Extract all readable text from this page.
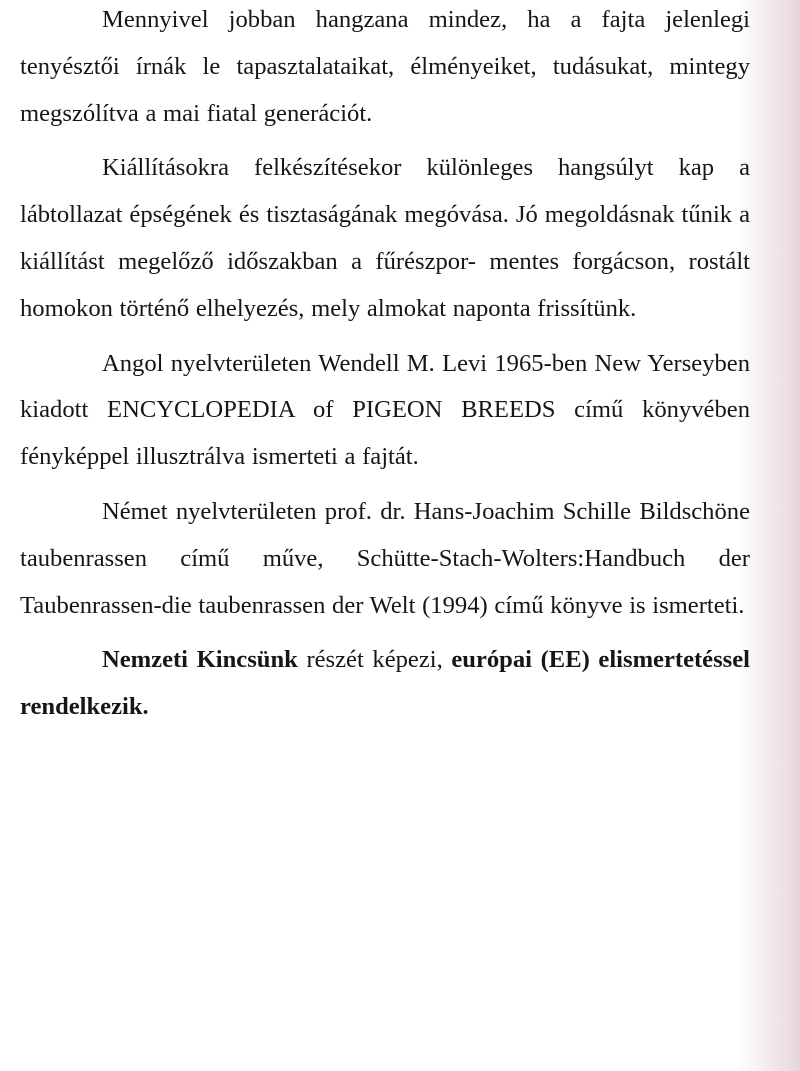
Mennyivel jobban hangzana mindez, ha a fajta jelenlegi tenyésztői írnák le tapasztalataikat, élményeiket, tudásukat, mintegy megszólítva a mai fiatal generációt.

Kiállításokra felkészítésekor különleges hangsúlyt kap a lábtollazat épségének és tisztaságának megóvása. Jó megoldásnak tűnik a kiállítást megelőző időszakban a fűrészpor- mentes forgácson, rostált homokon történő elhelyezés, mely almokat naponta frissítünk.

Angol nyelvterületen Wendell M. Levi 1965-ben New Yerseyben kiadott ENCYCLOPEDIA of PIGEON BREEDS című könyvében fényképpel illusztrálva ismerteti a fajtát.

Német nyelvterületen prof. dr. Hans-Joachim Schille Bildschöne taubenrassen című műve, Schütte-Stach-Wolters:Handbuch der Taubenrassen-die taubenrassen der Welt (1994) című könyve is ismerteti.

Nemzeti Kincsünk részét képezi, európai (EE) elismertetéssel rendelkezik.
